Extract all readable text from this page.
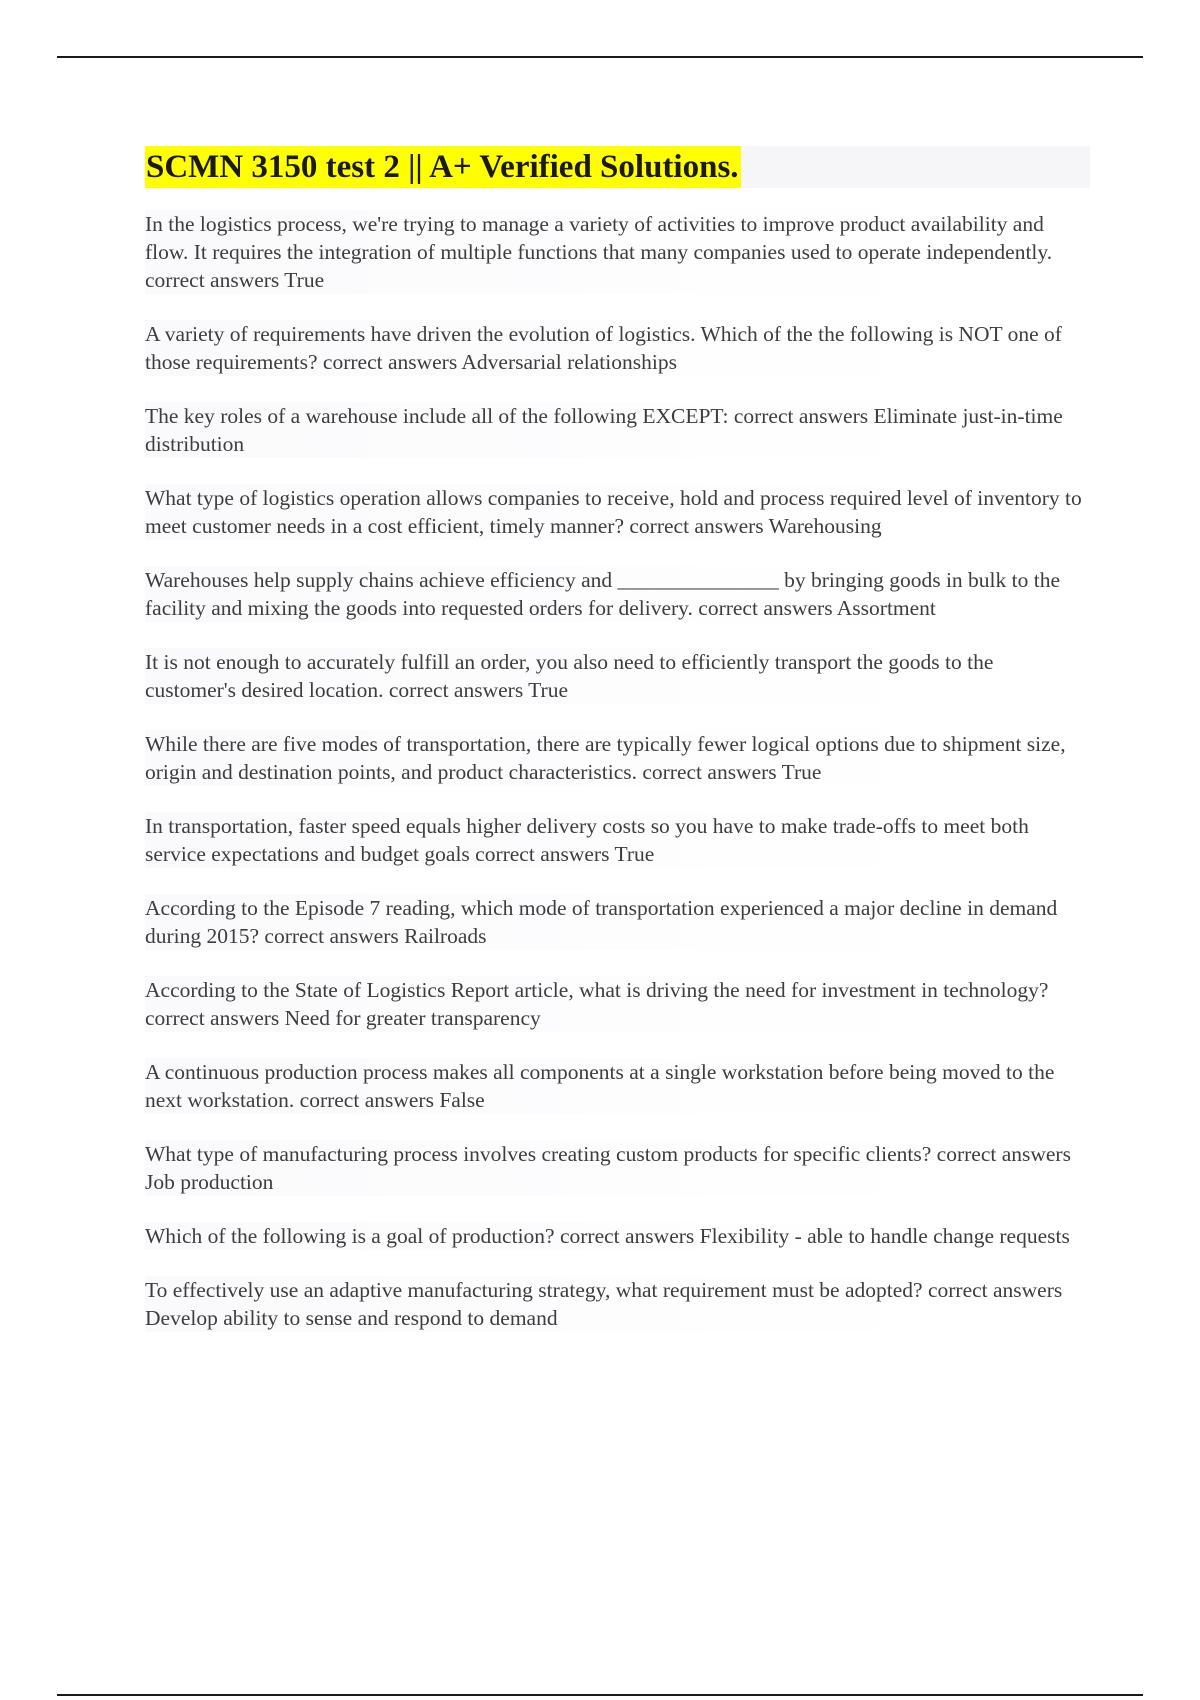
SCMN 3150 test 2 || A+ Verified Solutions.

In the logistics process, we're trying to manage a variety of activities to improve product availability and flow. It requires the integration of multiple functions that many companies used to operate independently. correct answers True

A variety of requirements have driven the evolution of logistics. Which of the the following is NOT one of those requirements? correct answers Adversarial relationships

The key roles of a warehouse include all of the following EXCEPT: correct answers Eliminate just-in-time distribution

What type of logistics operation allows companies to receive, hold and process required level of inventory to meet customer needs in a cost efficient, timely manner? correct answers Warehousing

Warehouses help supply chains achieve efficiency and _______________ by bringing goods in bulk to the facility and mixing the goods into requested orders for delivery. correct answers Assortment

It is not enough to accurately fulfill an order, you also need to efficiently transport the goods to the customer's desired location. correct answers True

While there are five modes of transportation, there are typically fewer logical options due to shipment size, origin and destination points, and product characteristics. correct answers True

In transportation, faster speed equals higher delivery costs so you have to make trade-offs to meet both service expectations and budget goals correct answers True

According to the Episode 7 reading, which mode of transportation experienced a major decline in demand during 2015? correct answers Railroads

According to the State of Logistics Report article, what is driving the need for investment in technology? correct answers Need for greater transparency

A continuous production process makes all components at a single workstation before being moved to the next workstation. correct answers False

What type of manufacturing process involves creating custom products for specific clients? correct answers Job production

Which of the following is a goal of production? correct answers Flexibility - able to handle change requests

To effectively use an adaptive manufacturing strategy, what requirement must be adopted? correct answers Develop ability to sense and respond to demand
